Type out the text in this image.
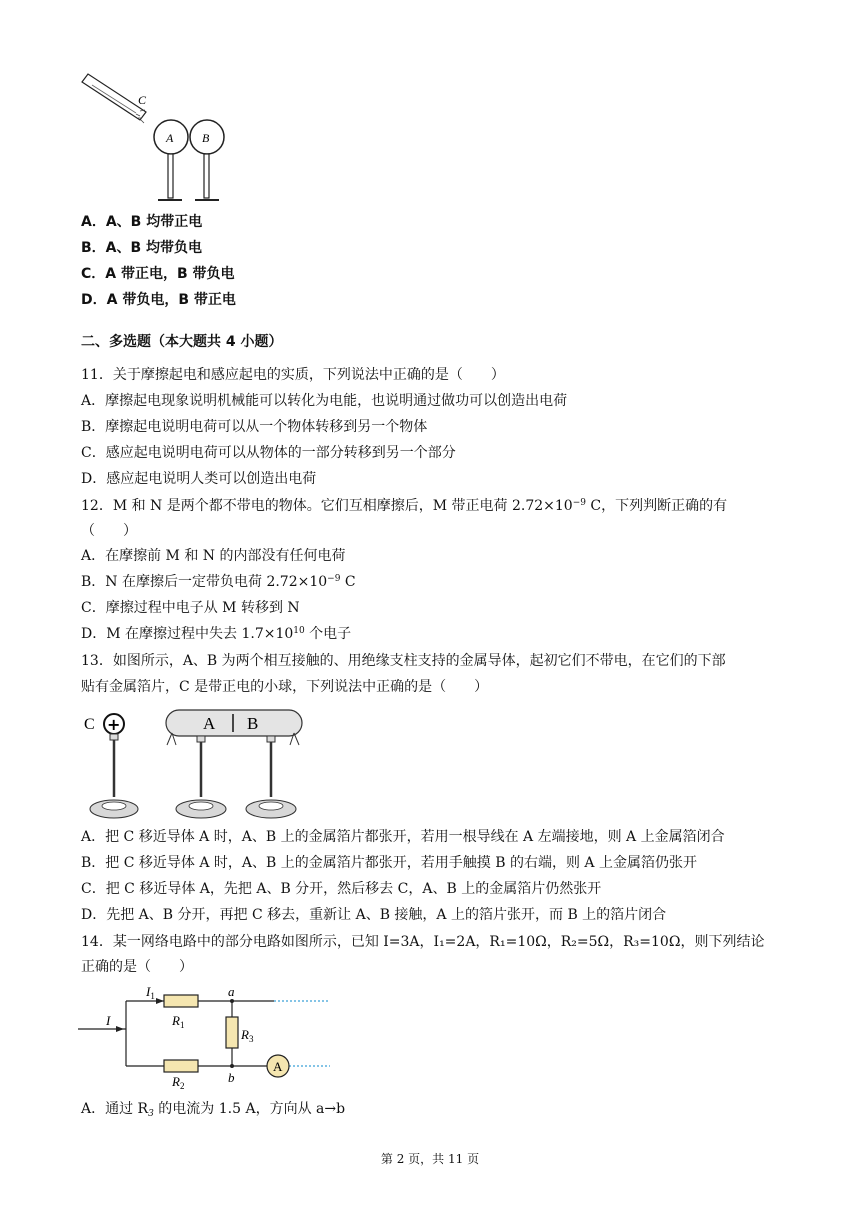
C
A B
A．A、B 均带正电
B．A、B 均带负电
C．A 带正电，B 带负电
D．A 带负电，B 带正电
二、多选题（本大题共 4 小题）
11．关于摩擦起电和感应起电的实质，下列说法中正确的是（　　）
A．摩擦起电现象说明机械能可以转化为电能，也说明通过做功可以创造出电荷
B．摩擦起电说明电荷可以从一个物体转移到另一个物体
C．感应起电说明电荷可以从物体的一部分转移到另一个部分
D．感应起电说明人类可以创造出电荷
12．M 和 N 是两个都不带电的物体。它们互相摩擦后，M 带正电荷 $2.72\times 10^{-9}$ C，下列判断正确的有
（　　）
A．在摩擦前 M 和 N 的内部没有任何电荷
B．N 在摩擦后一定带负电荷 $2.72\times 10^{-9}$ C
C．摩擦过程中电子从 M 转移到 N
D．M 在摩擦过程中失去 $1.7\times 10^{10}$ 个电子
13．如图所示，A、B 为两个相互接触的、用绝缘支柱支持的金属导体，起初它们不带电，在它们的下部
贴有金属箔片，C 是带正电的小球，下列说法中正确的是（　　）
C +	A B
A．把 C 移近导体 A 时，A、B 上的金属箔片都张开，若用一根导线在 A 左端接地，则 A 上金属箔闭合
B．把 C 移近导体 A 时，A、B 上的金属箔片都张开，若用手触摸 B 的右端，则 A 上金属箔仍张开
C．把 C 移近导体 A，先把 A、B 分开，然后移去 C，A、B 上的金属箔片仍然张开
D．先把 A、B 分开，再把 C 移去，重新让 A、B 接触，A 上的箔片张开，而 B 上的箔片闭合
14．某一网络电路中的部分电路如图所示，已知 I=3A，I₁=2A，R₁=10Ω，R₂=5Ω，R₃=10Ω，则下列结论
正确的是（　　）
A
I
$I_1$
$R_1$
$R_2$
$R_3$
a
b
A．通过 $R_3$ 的电流为 1.5 A，方向从 a→b
第 2 页，共 11 页
